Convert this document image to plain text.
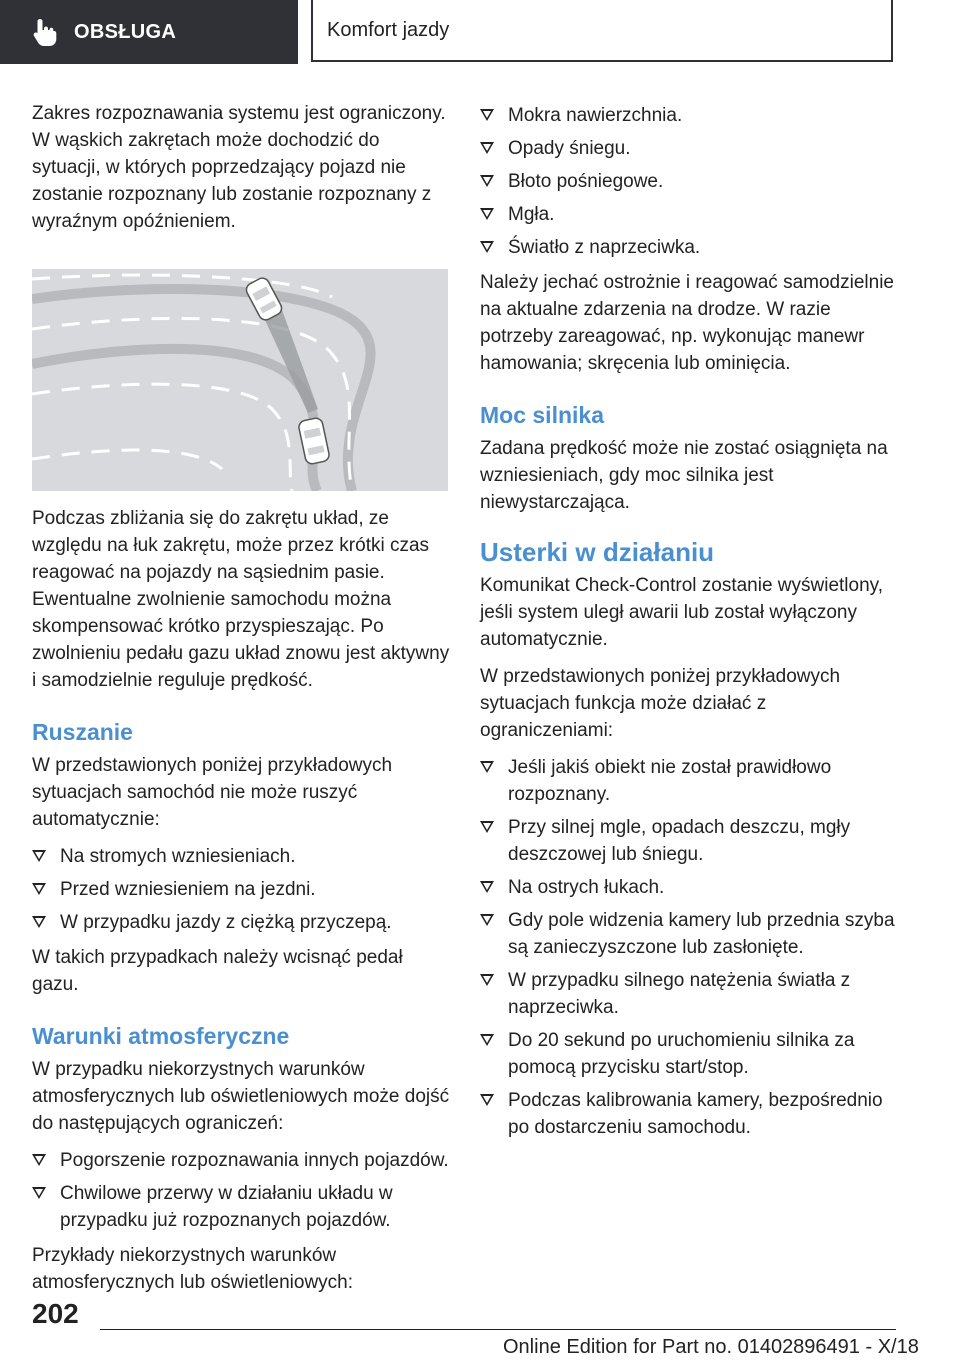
OBSŁUGA	Komfort jazdy

Zakres rozpoznawania systemu jest ograniczony. W wąskich zakrętach może dochodzić do sytuacji, w których poprzedzający pojazd nie zostanie rozpoznany lub zostanie rozpoznany z wyraźnym opóźnieniem.

Podczas zbliżania się do zakrętu układ, ze względu na łuk zakrętu, może przez krótki czas reagować na pojazdy na sąsiednim pasie. Ewentualne zwolnienie samochodu można skompensować krótko przyspieszając. Po zwolnieniu pedału gazu układ znowu jest aktywny i samodzielnie reguluje prędkość.

Ruszanie

W przedstawionych poniżej przykładowych sytuacjach samochód nie może ruszyć automatycznie:

Na stromych wzniesieniach.
Przed wzniesieniem na jezdni.
W przypadku jazdy z ciężką przyczepą.

W takich przypadkach należy wcisnąć pedał gazu.

Warunki atmosferyczne

W przypadku niekorzystnych warunków atmosferycznych lub oświetleniowych może dojść do następujących ograniczeń:

Pogorszenie rozpoznawania innych pojazdów.
Chwilowe przerwy w działaniu układu w przypadku już rozpoznanych pojazdów.

Przykłady niekorzystnych warunków atmosferycznych lub oświetleniowych:

Mokra nawierzchnia.
Opady śniegu.
Błoto pośniegowe.
Mgła.
Światło z naprzeciwka.

Należy jechać ostrożnie i reagować samodzielnie na aktualne zdarzenia na drodze. W razie potrzeby zareagować, np. wykonując manewr hamowania; skręcenia lub ominięcia.

Moc silnika

Zadana prędkość może nie zostać osiągnięta na wzniesieniach, gdy moc silnika jest niewystarczająca.

Usterki w działaniu

Komunikat Check-Control zostanie wyświetlony, jeśli system uległ awarii lub został wyłączony automatycznie.

W przedstawionych poniżej przykładowych sytuacjach funkcja może działać z ograniczeniami:

Jeśli jakiś obiekt nie został prawidłowo rozpoznany.
Przy silnej mgle, opadach deszczu, mgły deszczowej lub śniegu.
Na ostrych łukach.
Gdy pole widzenia kamery lub przednia szyba są zanieczyszczone lub zasłonięte.
W przypadku silnego natężenia światła z naprzeciwka.
Do 20 sekund po uruchomieniu silnika za pomocą przycisku start/stop.
Podczas kalibrowania kamery, bezpośrednio po dostarczeniu samochodu.
202
Online Edition for Part no. 01402896491 - X/18
